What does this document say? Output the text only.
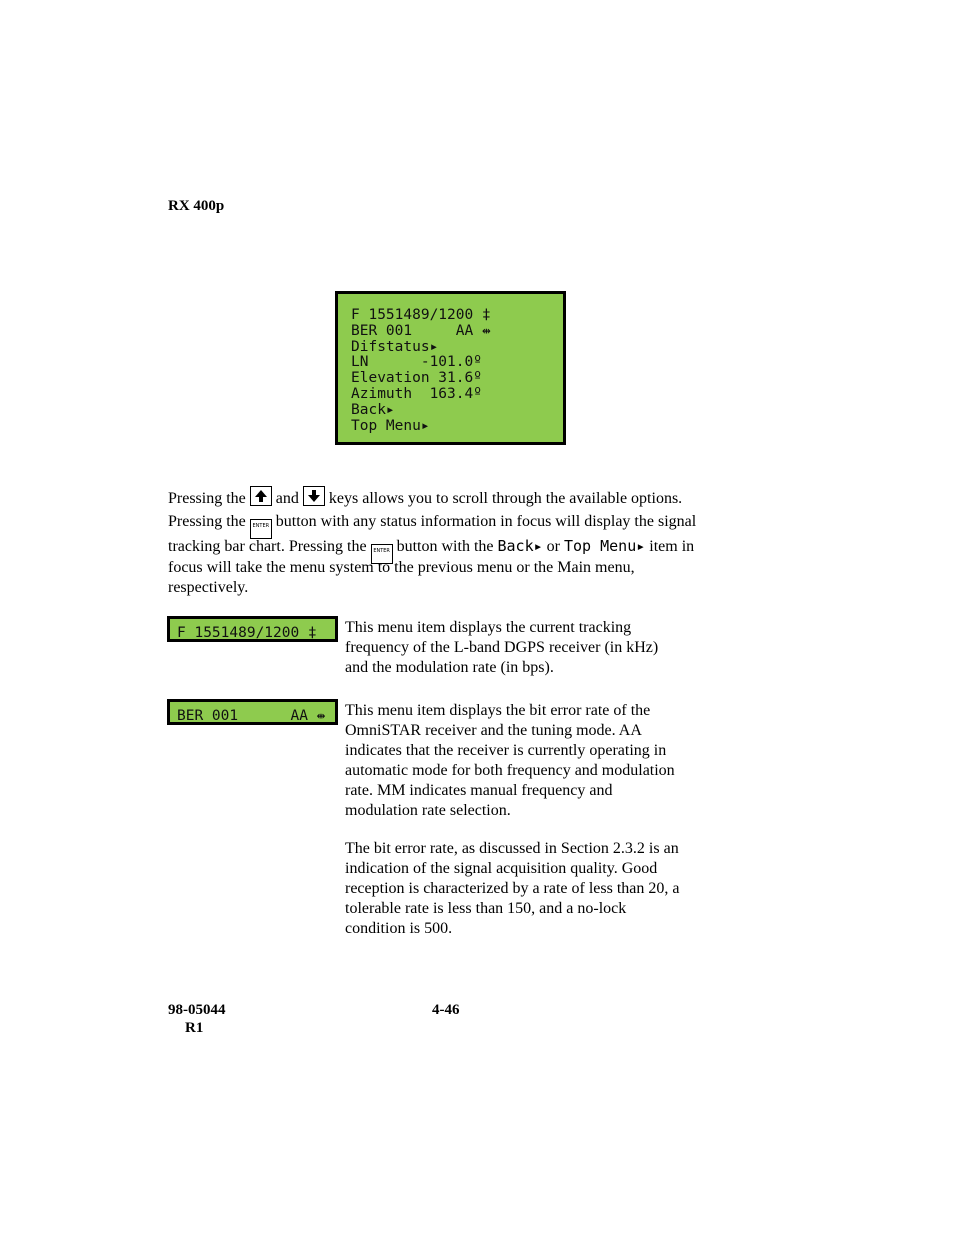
RX 400p
F 1551489/1200 ‡
BER 001     AA ⇹
Difstatus▸
LN      -101.0º
Elevation 31.6º
Azimuth  163.4º
Back▸
Top Menu▸
Pressing the and keys allows you to scroll through the available options.
Pressing the ENTER button with any status information in focus will display the signal
tracking bar chart. Pressing the ENTER button with the Back▸ or Top Menu▸ item in
focus will take the menu system to the previous menu or the Main menu,
respectively.
F 1551489/1200 ‡	This menu item displays the current tracking
frequency of the L-band DGPS receiver (in kHz)
and the modulation rate (in bps).
BER 001      AA ⇹	This menu item displays the bit error rate of the
OmniSTAR receiver and the tuning mode. AA
indicates that the receiver is currently operating in
automatic mode for both frequency and modulation
rate. MM indicates manual frequency and
modulation rate selection.
The bit error rate, as discussed in Section 2.3.2 is an
indication of the signal acquisition quality. Good
reception is characterized by a rate of less than 20, a
tolerable rate is less than 150, and a no-lock
condition is 500.
98-05044
R1
4-46
